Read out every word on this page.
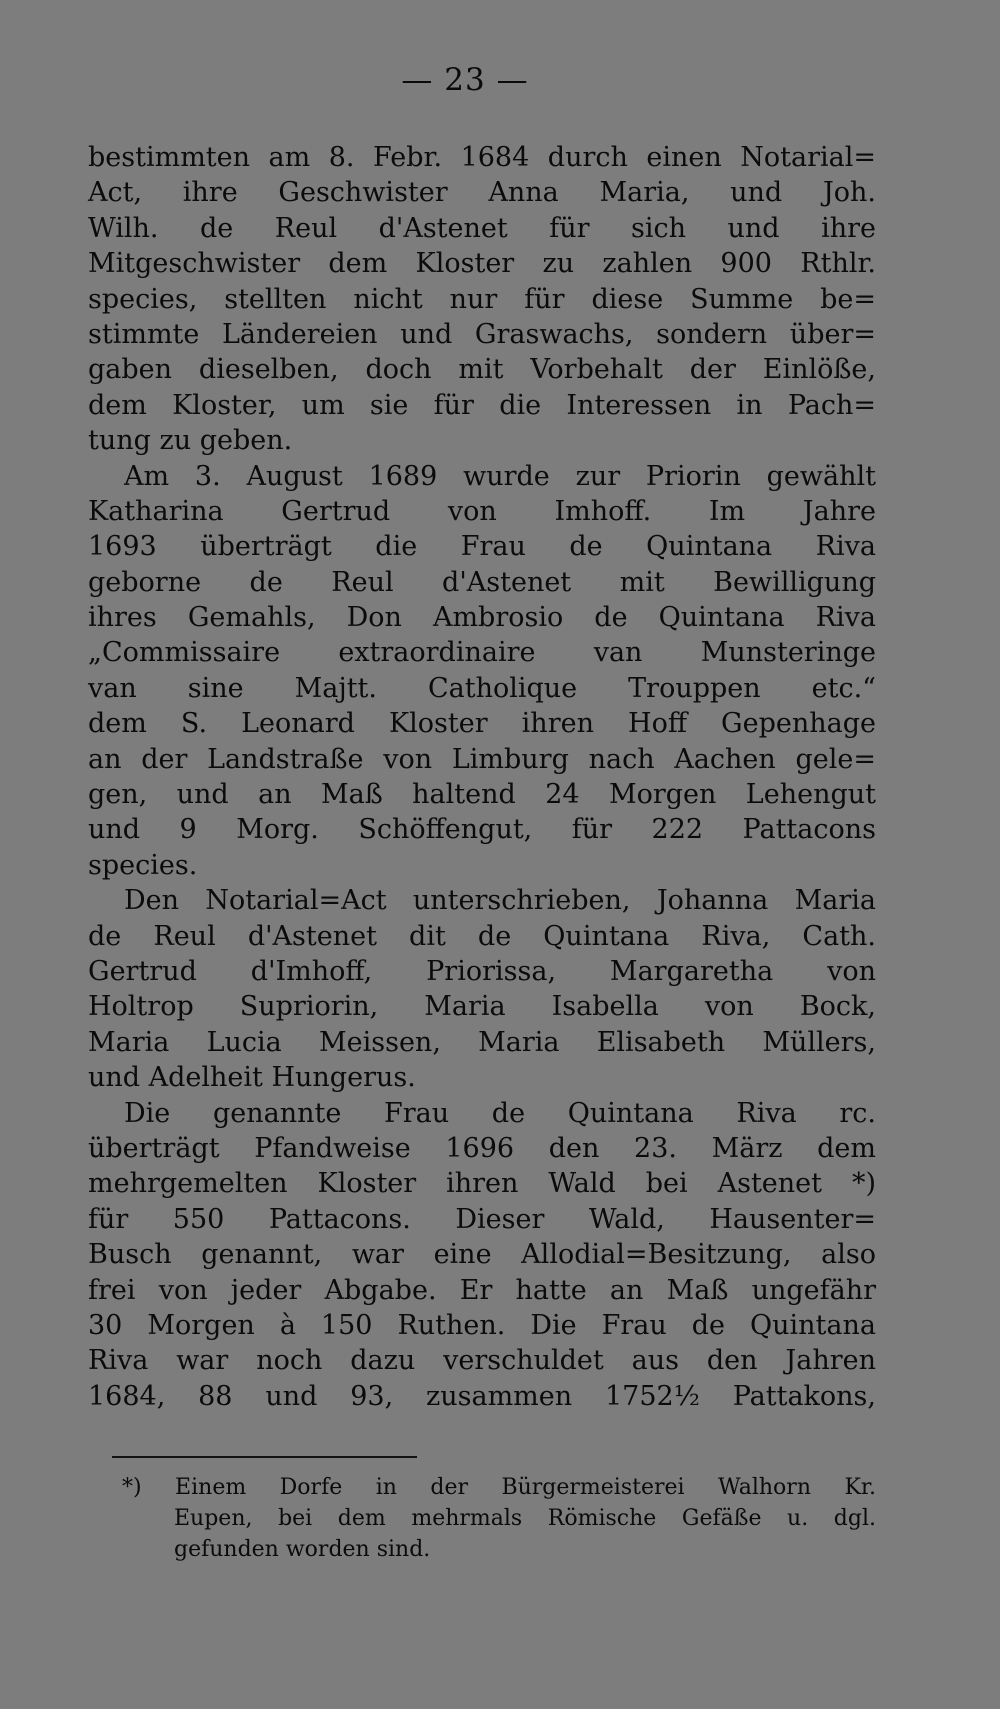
— 23 —
bestimmten am 8. Febr. 1684 durch einen Notarial=
Act, ihre Geschwister Anna Maria, und Joh.
Wilh. de Reul d'Astenet für sich und ihre
Mitgeschwister dem Kloster zu zahlen 900 Rthlr.
species, stellten nicht nur für diese Summe be=
stimmte Ländereien und Graswachs, sondern über=
gaben dieselben, doch mit Vorbehalt der Einlöße,
dem Kloster, um sie für die Interessen in Pach=
tung zu geben.
Am 3. August 1689 wurde zur Priorin gewählt
Katharina Gertrud von Imhoff. Im Jahre
1693 überträgt die Frau de Quintana Riva
geborne de Reul d'Astenet mit Bewilligung
ihres Gemahls, Don Ambrosio de Quintana Riva
„Commissaire extraordinaire van Munsteringe
van sine Majtt. Catholique Trouppen etc.“
dem S. Leonard Kloster ihren Hoff Gepenhage
an der Landstraße von Limburg nach Aachen gele=
gen, und an Maß haltend 24 Morgen Lehengut
und 9 Morg. Schöffengut, für 222 Pattacons
species.
Den Notarial=Act unterschrieben, Johanna Maria
de Reul d'Astenet dit de Quintana Riva, Cath.
Gertrud d'Imhoff, Priorissa, Margaretha von
Holtrop Supriorin, Maria Isabella von Bock,
Maria Lucia Meissen, Maria Elisabeth Müllers,
und Adelheit Hungerus.
Die genannte Frau de Quintana Riva rc.
überträgt Pfandweise 1696 den 23. März dem
mehrgemelten Kloster ihren Wald bei Astenet *)
für 550 Pattacons. Dieser Wald, Hausenter=
Busch genannt, war eine Allodial=Besitzung, also
frei von jeder Abgabe. Er hatte an Maß ungefähr
30 Morgen à 150 Ruthen. Die Frau de Quintana
Riva war noch dazu verschuldet aus den Jahren
1684, 88 und 93, zusammen 1752½ Pattakons,
*) Einem Dorfe in der Bürgermeisterei Walhorn Kr.
Eupen, bei dem mehrmals Römische Gefäße u. dgl.
gefunden worden sind.
